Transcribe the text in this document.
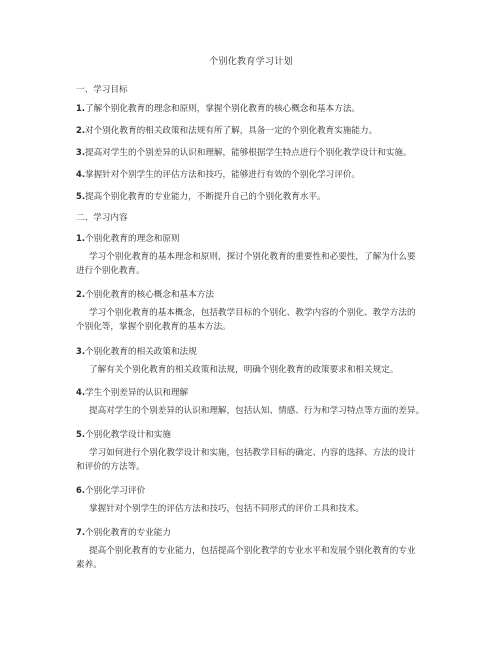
个别化教育学习计划
一、学习目标
1.了解个别化教育的理念和原则，掌握个别化教育的核心概念和基本方法。
2.对个别化教育的相关政策和法规有所了解，具备一定的个别化教育实施能力。
3.提高对学生的个别差异的认识和理解，能够根据学生特点进行个别化教学设计和实施。
4.掌握针对个别学生的评估方法和技巧，能够进行有效的个别化学习评价。
5.提高个别化教育的专业能力，不断提升自己的个别化教育水平。
二、学习内容
1.个别化教育的理念和原则
学习个别化教育的基本理念和原则，探讨个别化教育的重要性和必要性，了解为什么要
进行个别化教育。
2.个别化教育的核心概念和基本方法
学习个别化教育的基本概念，包括教学目标的个别化、教学内容的个别化、教学方法的
个别化等，掌握个别化教育的基本方法。
3.个别化教育的相关政策和法规
了解有关个别化教育的相关政策和法规，明确个别化教育的政策要求和相关规定。
4.学生个别差异的认识和理解
提高对学生的个别差异的认识和理解，包括认知、情感、行为和学习特点等方面的差异。
5.个别化教学设计和实施
学习如何进行个别化教学设计和实施，包括教学目标的确定、内容的选择、方法的设计
和评价的方法等。
6.个别化学习评价
掌握针对个别学生的评估方法和技巧，包括不同形式的评价工具和技术。
7.个别化教育的专业能力
提高个别化教育的专业能力，包括提高个别化教学的专业水平和发展个别化教育的专业
素养。
